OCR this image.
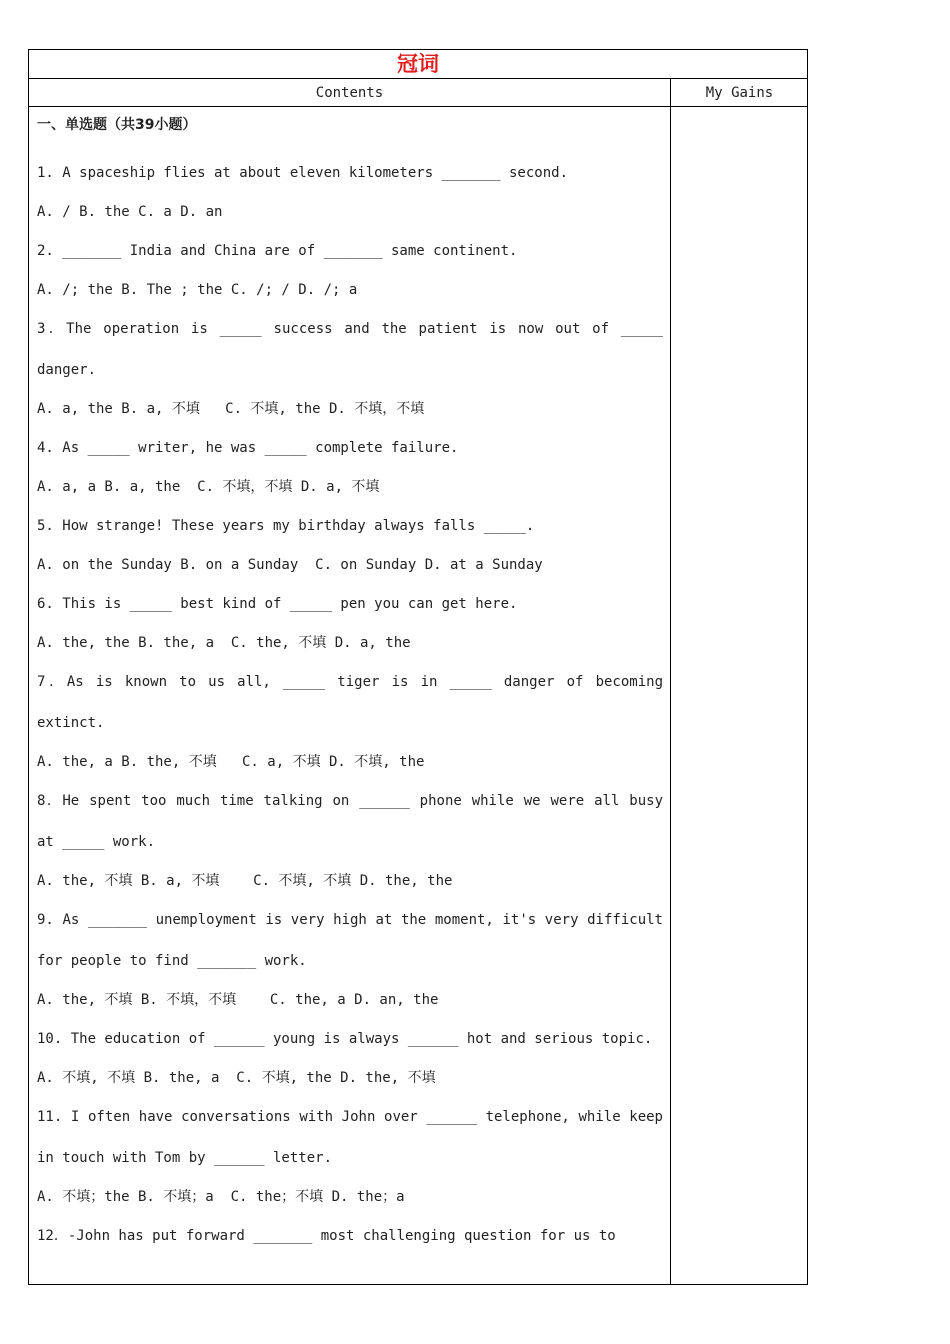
冠词
Contents	My Gains
一、单选题（共39小题）
1. A spaceship flies at about eleven kilometers _______ second.
A. / B. the C. a D. an
2. _______ India and China are of _______ same continent.
A. /; the B. The ; the C. /; / D. /; a
3．The operation is _____ success and the patient is now out of _____ danger.
A. a, the B. a, 不填   C. 不填, the D. 不填，不填
4. As _____ writer, he was _____ complete failure.
A. a, a B. a, the  C. 不填，不填 D. a, 不填
5. How strange! These years my birthday always falls _____.
A. on the Sunday B. on a Sunday  C. on Sunday D. at a Sunday
6. This is _____ best kind of _____ pen you can get here.
A. the, the B. the, a  C. the, 不填 D. a, the
7．As is known to us all, _____ tiger is in _____ danger of becoming extinct.
A. the, a B. the, 不填   C. a, 不填 D. 不填, the
8．He spent too much time talking on ______ phone while we were all busy at _____ work.
A. the, 不填 B. a, 不填    C. 不填, 不填 D. the, the
9. As _______ unemployment is very high at the moment, it's very difficult for people to find _______ work.
A. the, 不填 B. 不填，不填    C. the, a D. an, the
10. The education of ______ young is always ______ hot and serious topic.
A. 不填, 不填 B. the, a  C. 不填, the D. the, 不填
11. I often have conversations with John over ______ telephone, while keep in touch with Tom by ______ letter.
A. 不填；the B. 不填；a  C. the；不填 D. the；a
12．-John has put forward _______ most challenging question for us to
